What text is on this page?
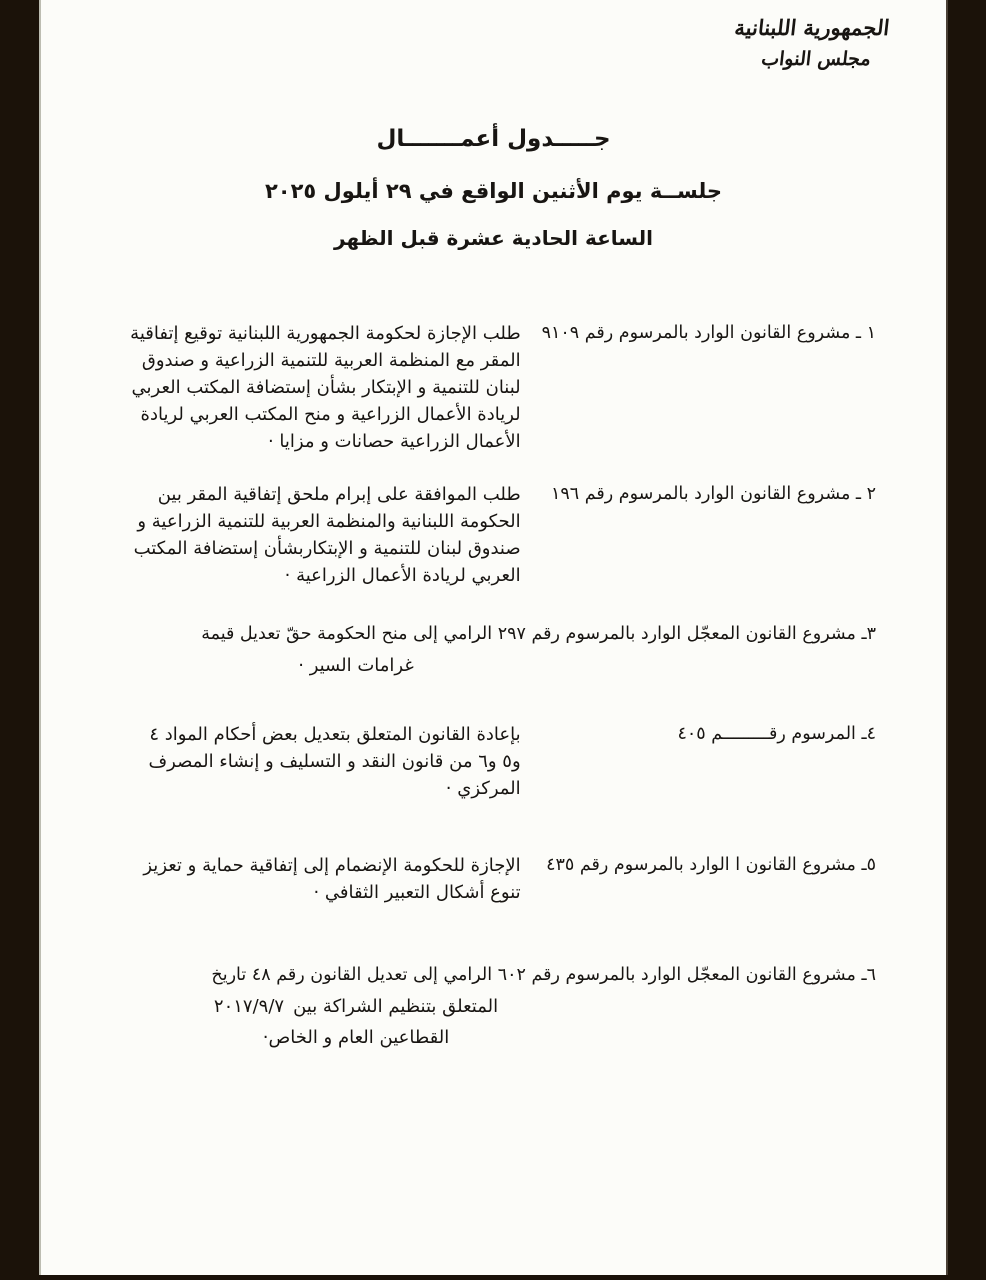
الجمهورية اللبنانية
مجلس النواب
جـــــدول أعمـــــــال
جلســة يوم الأثنين الواقع في ٢٩ أيلول ٢٠٢٥
الساعة الحادية عشرة قبل الظهر
١ ـ مشروع القانون الوارد بالمرسوم رقم ٩١٠٩
طلب الإجازة لحكومة الجمهورية اللبنانية توقيع إتفاقية المقر مع المنظمة العربية للتنمية الزراعية و صندوق لبنان للتنمية و الإبتكار بشأن إستضافة المكتب العربي لريادة الأعمال الزراعية و منح المكتب العربي لريادة الأعمال الزراعية حصانات و مزايا ·
٢ ـ مشروع القانون الوارد بالمرسوم رقم ١٩٦
طلب الموافقة على إبرام ملحق إتفاقية المقر بين الحكومة اللبنانية والمنظمة العربية للتنمية الزراعية و صندوق لبنان للتنمية و الإبتكاربشأن إستضافة المكتب العربي لريادة الأعمال الزراعية ·
٣ـ مشروع القانون المعجّل الوارد بالمرسوم رقم ٢٩٧ الرامي إلى منح الحكومة حقّ تعديل قيمة
غرامات السير ·
٤ـ المرسوم رقـــــــــم ٤٠٥
بإعادة القانون المتعلق بتعديل بعض أحكام المواد ٤ و٥ و٦ من قانون النقد و التسليف و إنشاء المصرف المركزي ·
٥ـ مشروع القانون ا الوارد بالمرسوم رقم ٤٣٥
الإجازة للحكومة الإنضمام إلى إتفاقية حماية و تعزيز تنوع أشكال التعبير الثقافي ·
٦ـ مشروع القانون المعجّل الوارد بالمرسوم رقم ٦٠٢ الرامي إلى تعديل القانون رقم ٤٨ تاريخ
٢٠١٧/٩/٧ المتعلق بتنظيم الشراكة بين
القطاعين العام و الخاص·
